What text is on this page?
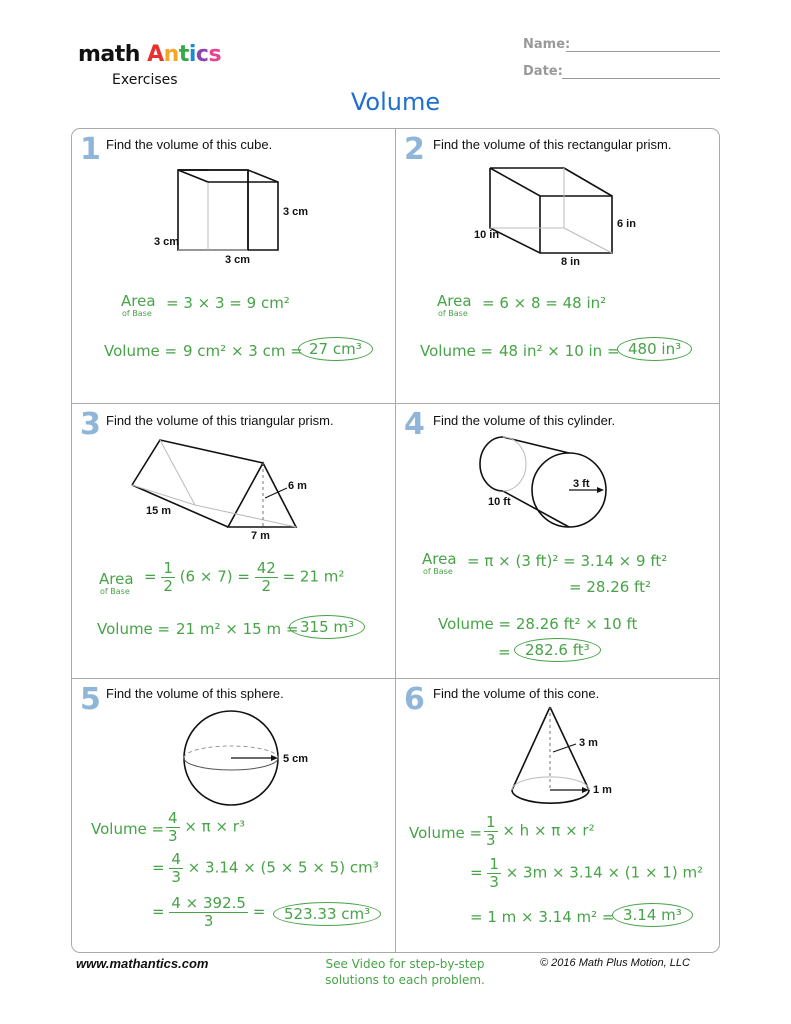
math Antics
Exercises
Name:
Date:
Volume
1 Find the volume of this cube.
3 cm
3 cm
3 cm
Area
of Base
= 3 × 3 = 9 cm²
Volume = 9 cm² × 3 cm = 27 cm³
2 Find the volume of this rectangular prism.
10 in
8 in
6 in
Area
of Base
= 6 × 8 = 48 in²
Volume = 48 in² × 10 in = 480 in³
3 Find the volume of this triangular prism.
6 m
15 m
7 m
Area
of Base
= $\frac{1}{2} (6 \times 7) = \frac{42}{2} = 21$ m²
Volume = 21 m² × 15 m = 315 m³
4 Find the volume of this cylinder.
3 ft
10 ft
Area
of Base
= π × (3 ft)² = 3.14 × 9 ft²
= 28.26 ft²
Volume = 28.26 ft² × 10 ft
= 282.6 ft³
5 Find the volume of this sphere.
5 cm
Volume = $\frac{4}{3} \times \pi \times r^3$
= $\frac{4}{3} \times 3.14 \times (5 \times 5 \times 5)$ cm³
= $\frac{4 \times 392.5}{3}$ =	523.33 cm³
6 Find the volume of this cone.
3 m
1 m
Volume = $\frac{1}{3} \times h \times \pi \times r^2$
= $\frac{1}{3} \times 3m \times 3.14 \times (1 \times 1)$ m²
= 1 m × 3.14 m² = 3.14 m³
www.mathantics.com	See Video for step-by-step
solutions to each problem.
© 2016 Math Plus Motion, LLC
